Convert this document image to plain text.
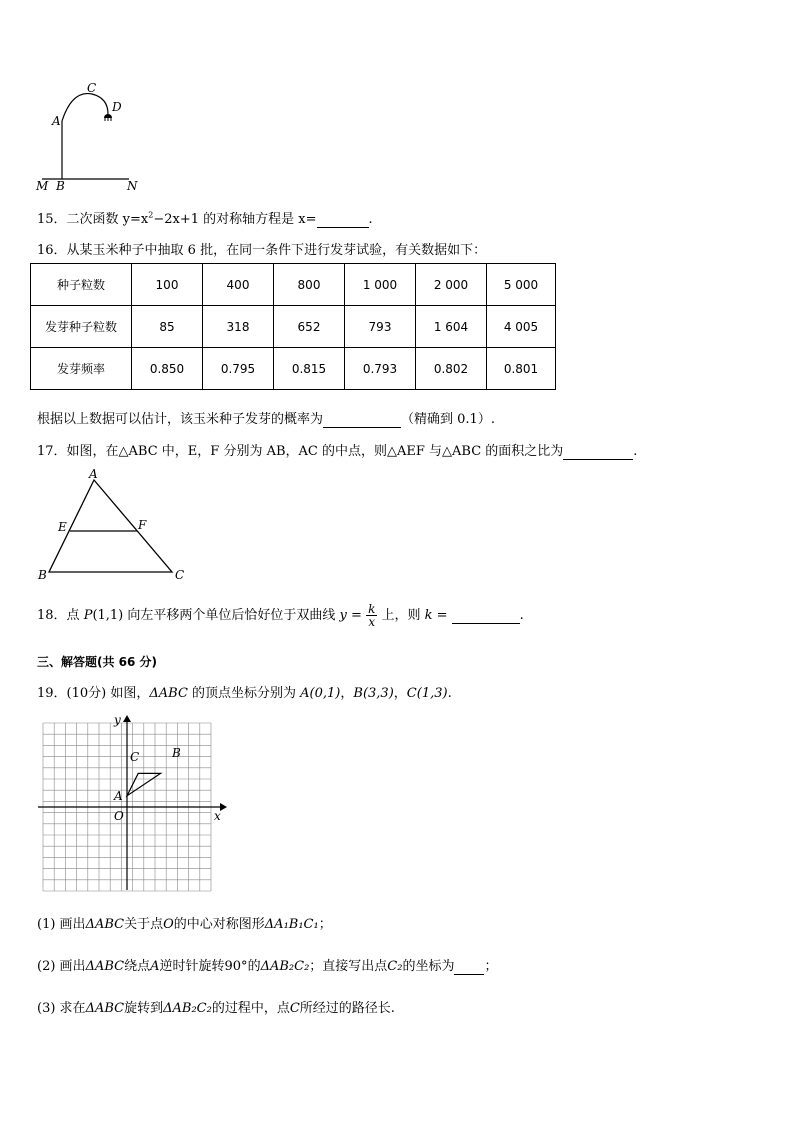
A
C
D
M B	N
15．二次函数 $y=x^2-2x+1$ 的对称轴方程是 x=	.
16．从某玉米种子中抽取 6 批，在同一条件下进行发芽试验，有关数据如下：
种子粒数	100	400	800	1 000	2 000	5 000
发芽种子粒数	85	318	652	793	1 604	4 005
发芽频率	0.850	0.795	0.815	0.793	0.802	0.801
根据以上数据可以估计，该玉米种子发芽的概率为	（精确到 0.1）.
17．如图，在△ABC 中，E，F 分别为 AB，AC 的中点，则△AEF 与△ABC 的面积之比为	.
A
E	F
B	C
18．点 P(1,1) 向左平移两个单位后恰好位于双曲线 $y = \frac{k}{x}$ 上，则 k =	.
三、解答题(共 66 分)
19．(10分) 如图，ΔABC 的顶点坐标分别为 A(0,1)，B(3,3)，C(1,3).
y
x
O
A
C	B
(1) 画出ΔABC关于点O的中心对称图形ΔA₁B₁C₁；
(2) 画出ΔABC绕点A逆时针旋转90°的ΔAB₂C₂；直接写出点C₂的坐标为 ；
(3) 求在ΔABC旋转到ΔAB₂C₂的过程中，点C所经过的路径长.
